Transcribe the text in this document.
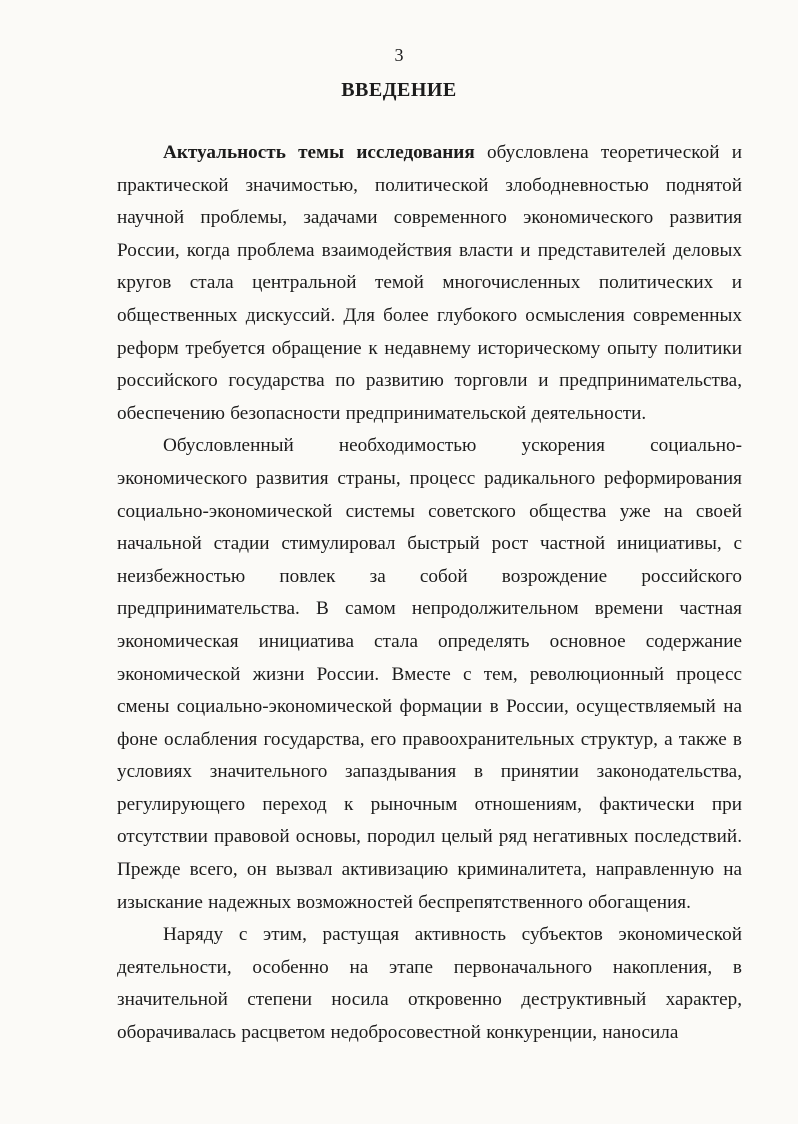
3
ВВЕДЕНИЕ

Актуальность темы исследования обусловлена теоретической и практической значимостью, политической злободневностью поднятой научной проблемы, задачами современного экономического развития России, когда проблема взаимодействия власти и представителей деловых кругов стала центральной темой многочисленных политических и общественных дискуссий. Для более глубокого осмысления современных реформ требуется обращение к недавнему историческому опыту политики российского государства по развитию торговли и предпринимательства, обеспечению безопасности предпринимательской деятельности.

Обусловленный необходимостью ускорения социально-экономического развития страны, процесс радикального реформирования социально-экономической системы советского общества уже на своей начальной стадии стимулировал быстрый рост частной инициативы, с неизбежностью повлек за собой возрождение российского предпринимательства. В самом непродолжительном времени частная экономическая инициатива стала определять основное содержание экономической жизни России. Вместе с тем, революционный процесс смены социально-экономической формации в России, осуществляемый на фоне ослабления государства, его правоохранительных структур, а также в условиях значительного запаздывания в принятии законодательства, регулирующего переход к рыночным отношениям, фактически при отсутствии правовой основы, породил целый ряд негативных последствий. Прежде всего, он вызвал активизацию криминалитета, направленную на изыскание надежных возможностей беспрепятственного обогащения.

Наряду с этим, растущая активность субъектов экономической деятельности, особенно на этапе первоначального накопления, в значительной степени носила откровенно деструктивный характер, оборачивалась расцветом недобросовестной конкуренции, наносила
